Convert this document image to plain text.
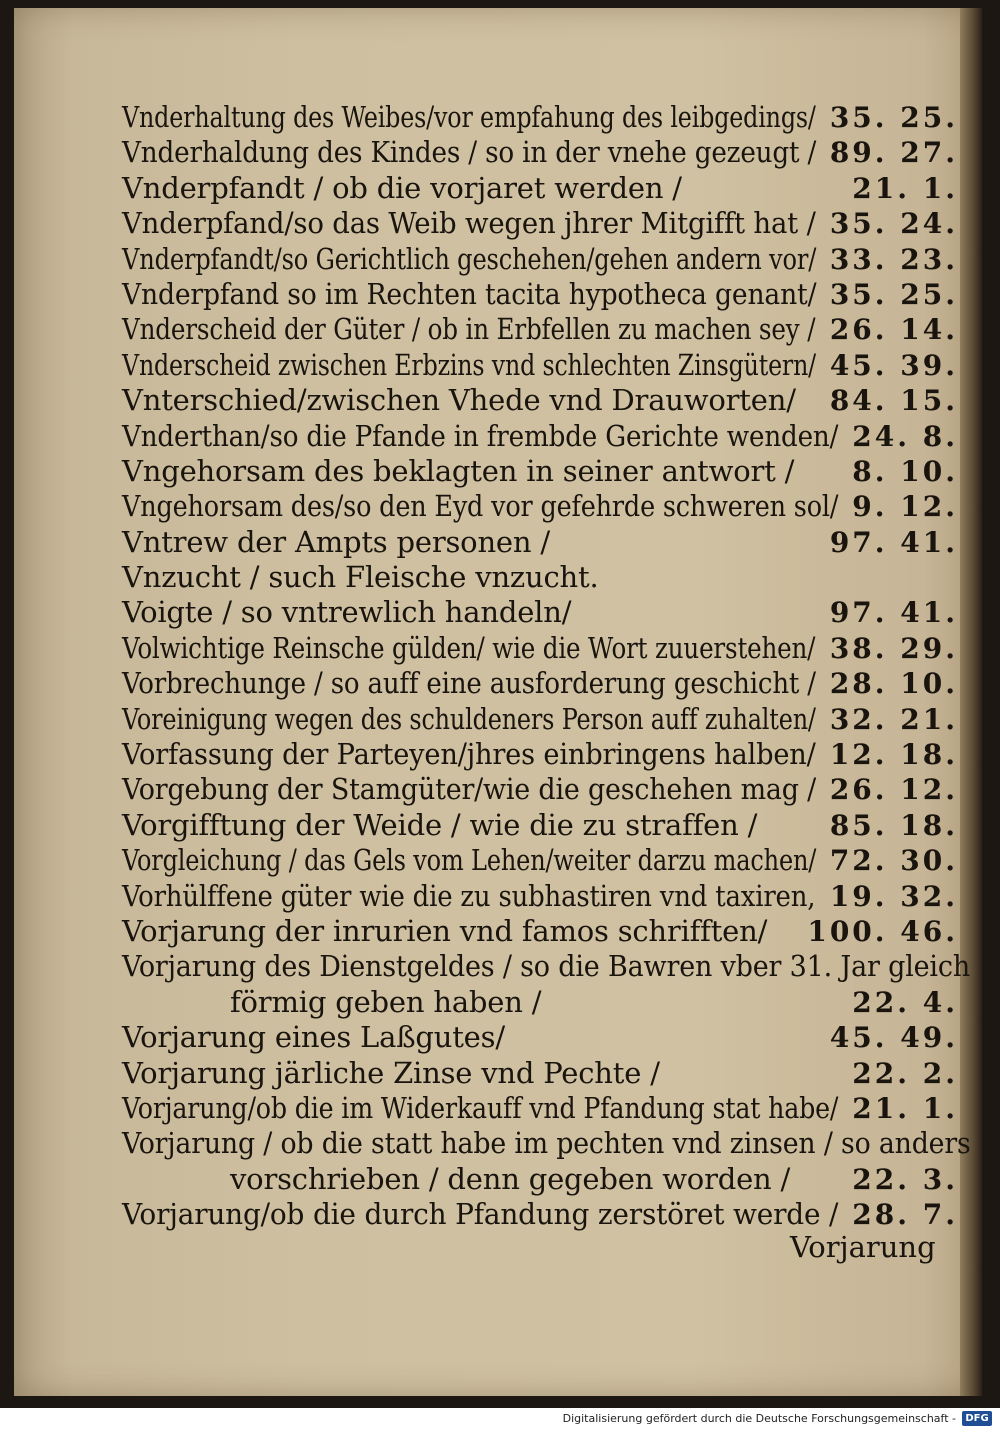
Vnderhaltung des Weibes/vor empfahung des leibgedings/ 35. 25.
Vnderhaldung des Kindes / so in der vnehe gezeugt / 89. 27.
Vnderpfandt / ob die vorjaret werden /	21. 1.
Vnderpfand/so das Weib wegen jhrer Mitgifft hat / 35. 24.
Vnderpfandt/so Gerichtlich geschehen/gehen andern vor/ 33. 23.
Vnderpfand so im Rechten tacita hypotheca genant/ 35. 25.
Vnderscheid der Güter / ob in Erbfellen zu machen sey / 26. 14.
Vnderscheid zwischen Erbzins vnd schlechten Zinsgütern/ 45. 39.
Vnterschied/zwischen Vhede vnd Drauworten/ 84. 15.
Vnderthan/so die Pfande in frembde Gerichte wenden/ 24. 8.
Vngehorsam des beklagten in seiner antwort / 8. 10.
Vngehorsam des/so den Eyd vor gefehrde schweren sol/ 9. 12.
Vntrew der Ampts personen /	97. 41.
Vnzucht / such Fleische vnzucht.
Voigte / so vntrewlich handeln/	97. 41.
Volwichtige Reinsche gülden/ wie die Wort zuuerstehen/ 38. 29.
Vorbrechunge / so auff eine ausforderung geschicht / 28. 10.
Voreinigung wegen des schuldeners Person auff zuhalten/ 32. 21.
Vorfassung der Parteyen/jhres einbringens halben/ 12. 18.
Vorgebung der Stamgüter/wie die geschehen mag / 26. 12.
Vorgifftung der Weide / wie die zu straffen /	85. 18.
Vorgleichung / das Gels vom Lehen/weiter darzu machen/ 72. 30.
Vorhülffene güter wie die zu subhastiren vnd taxiren, 19. 32.
Vorjarung der inrurien vnd famos schrifften/ 100. 46.
Vorjarung des Dienstgeldes / so die Bawren vber 31. Jar gleich
förmig geben haben /	22. 4.
Vorjarung eines Laßgutes/	45. 49.
Vorjarung järliche Zinse vnd Pechte /	22. 2.
Vorjarung/ob die im Widerkauff vnd Pfandung stat habe/ 21. 1.
Vorjarung / ob die statt habe im pechten vnd zinsen / so anders
vorschrieben / denn gegeben worden / 22. 3.
Vorjarung/ob die durch Pfandung zerstöret werde / 28. 7.
Vorjarung
Digitalisierung gefördert durch die Deutsche Forschungsgemeinschaft - DFG
